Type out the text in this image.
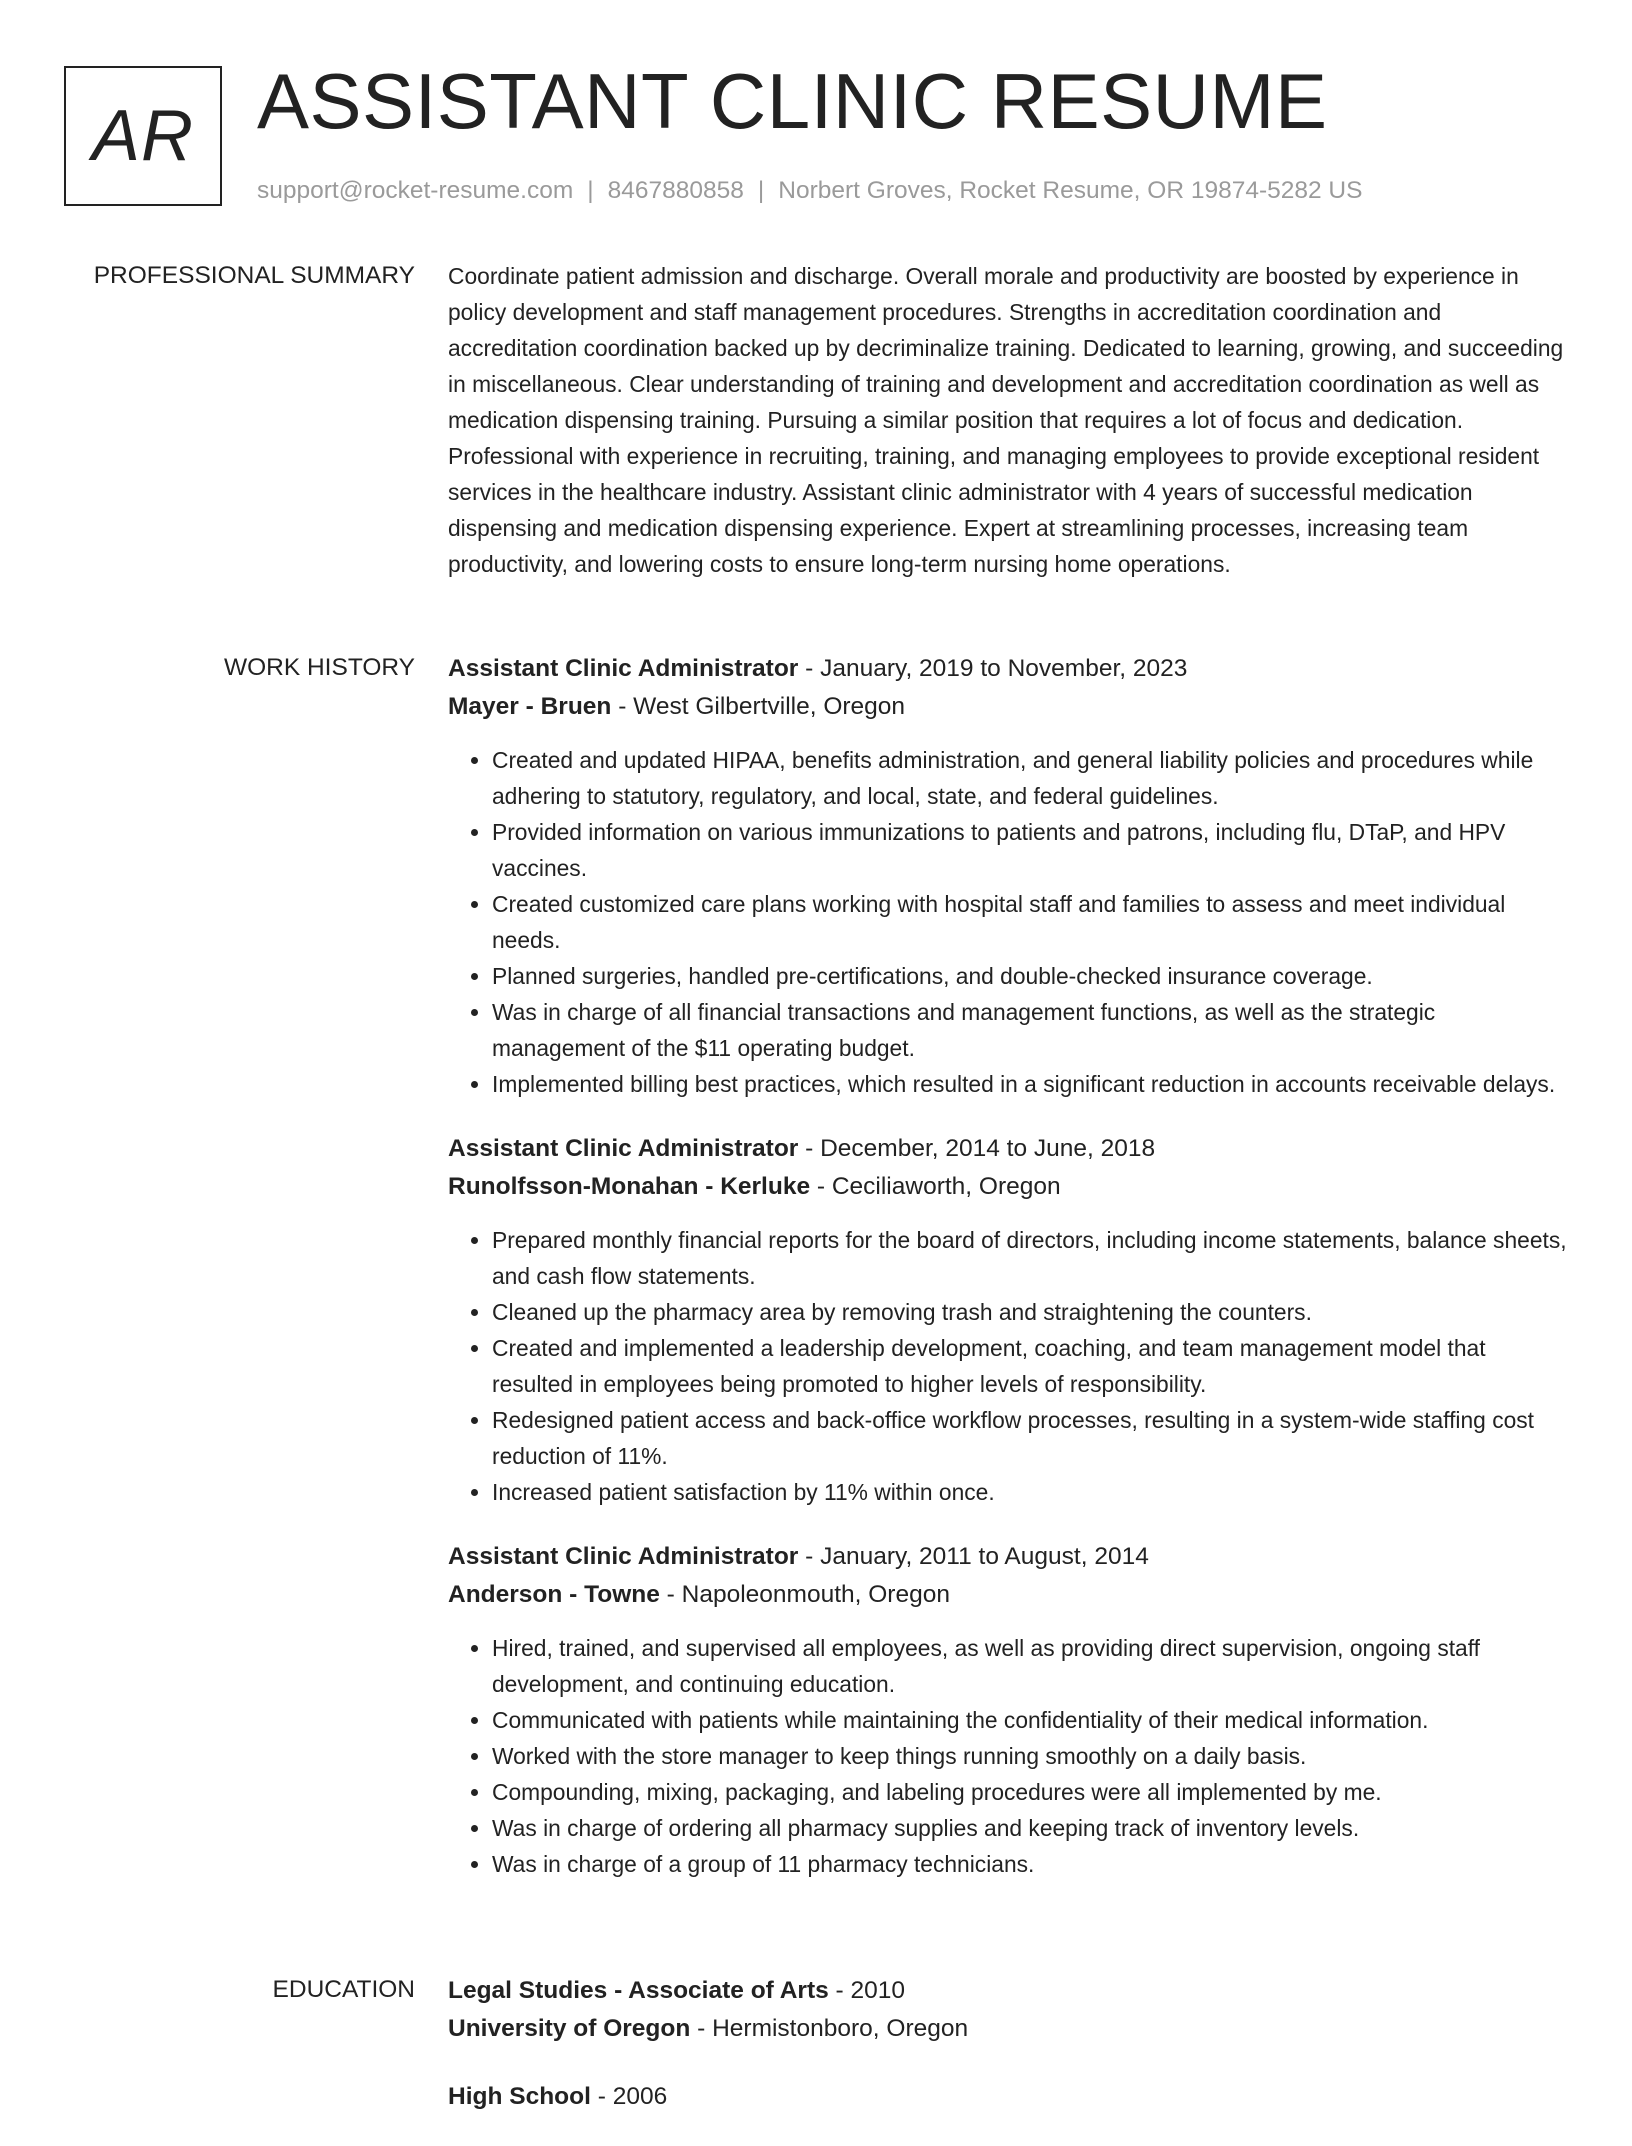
AR ASSISTANT CLINIC RESUME
support@rocket-resume.com | 8467880858 | Norbert Groves, Rocket Resume, OR 19874-5282 US
PROFESSIONAL SUMMARY Coordinate patient admission and discharge. Overall morale and productivity are boosted by experience in policy development and staff management procedures. Strengths in accreditation coordination and accreditation coordination backed up by decriminalize training. Dedicated to learning, growing, and succeeding in miscellaneous. Clear understanding of training and development and accreditation coordination as well as medication dispensing training. Pursuing a similar position that requires a lot of focus and dedication. Professional with experience in recruiting, training, and managing employees to provide exceptional resident services in the healthcare industry. Assistant clinic administrator with 4 years of successful medication dispensing and medication dispensing experience. Expert at streamlining processes, increasing team productivity, and lowering costs to ensure long-term nursing home operations.

WORK HISTORY Assistant Clinic Administrator - January, 2019 to November, 2023
Mayer - Bruen - West Gilbertville, Oregon
• Created and updated HIPAA, benefits administration, and general liability policies and procedures while adhering to statutory, regulatory, and local, state, and federal guidelines.
• Provided information on various immunizations to patients and patrons, including flu, DTaP, and HPV vaccines.
• Created customized care plans working with hospital staff and families to assess and meet individual needs.
• Planned surgeries, handled pre-certifications, and double-checked insurance coverage.
• Was in charge of all financial transactions and management functions, as well as the strategic management of the $11 operating budget.
• Implemented billing best practices, which resulted in a significant reduction in accounts receivable delays.
Assistant Clinic Administrator - December, 2014 to June, 2018
Runolfsson-Monahan - Kerluke - Ceciliaworth, Oregon
• Prepared monthly financial reports for the board of directors, including income statements, balance sheets, and cash flow statements.
• Cleaned up the pharmacy area by removing trash and straightening the counters.
• Created and implemented a leadership development, coaching, and team management model that resulted in employees being promoted to higher levels of responsibility.
• Redesigned patient access and back-office workflow processes, resulting in a system-wide staffing cost reduction of 11%.
• Increased patient satisfaction by 11% within once.
Assistant Clinic Administrator - January, 2011 to August, 2014
Anderson - Towne - Napoleonmouth, Oregon
• Hired, trained, and supervised all employees, as well as providing direct supervision, ongoing staff development, and continuing education.
• Communicated with patients while maintaining the confidentiality of their medical information.
• Worked with the store manager to keep things running smoothly on a daily basis.
• Compounding, mixing, packaging, and labeling procedures were all implemented by me.
• Was in charge of ordering all pharmacy supplies and keeping track of inventory levels.
• Was in charge of a group of 11 pharmacy technicians.
EDUCATION Legal Studies - Associate of Arts - 2010
University of Oregon - Hermistonboro, Oregon
High School - 2006
